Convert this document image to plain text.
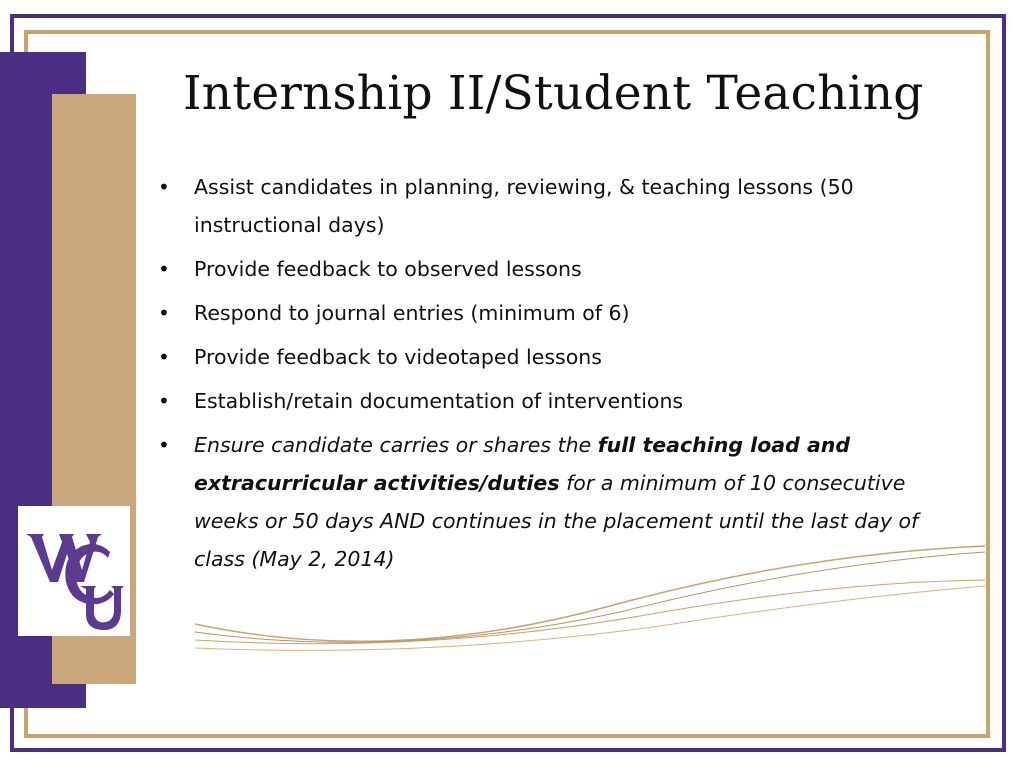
Internship II/Student Teaching
• Assist candidates in planning, reviewing, & teaching lessons (50 instructional days)
• Provide feedback to observed lessons
• Respond to journal entries (minimum of 6)
• Provide feedback to videotaped lessons
• Establish/retain documentation of interventions
• Ensure candidate carries or shares the full teaching load and extracurricular activities/duties for a minimum of 10 consecutive weeks or 50 days AND continues in the placement until the last day of class (May 2, 2014)
